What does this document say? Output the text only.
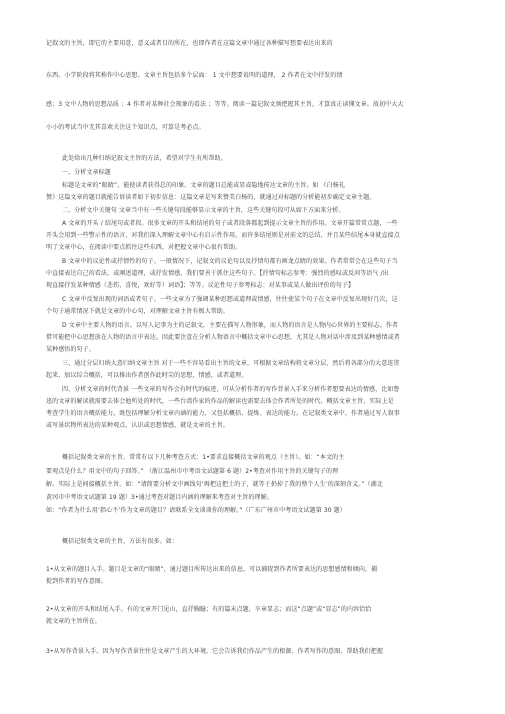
记叙文的主旨，即它的主要用意，意义或者目的所在，也即作者在这篇文章中通过各种描写想要表达出来的
东西。小学阶段将其称作中心思想。文章主旨包括多个层面： 1 文中想要说明的道理， 2 作者在文中抒发的情
感；3 文中人物的思想品质 ；4 作者对某种社会现象的看法 ；等等。阅读一篇记叙文须把握其主旨，才算真正读懂文章。故初中大大
小小的考试当中无其喜欢关注这个知识点，可算是考必点。
此处给出几种归纳记叙文主旨的方法，希望对学生有所帮助。
一、分析文章标题
标题是文章的“眼睛”，能使读者获得总的印象。文章的题目总能或显或隐地传达文章的主旨。如 《白杨礼
赞》这篇文章的题目就能告诉读者如下初步信息：这篇文章是写来赞美白杨的，就通过对标题的分析能初步确定文章主题。
二、分析文中关键句 文章当中有一些关键句段能够显示文章的主旨，这些关键句段可从如下方面来分析。
A 文章的开头 / 结尾句或者段。很多文章的开头和结尾的句子或者段落都起到提示文章主旨的作用。文章开篇常常点题，一些
开头会用到一些警示性的语言，对我们深入理解文章中心有启示性作用。而许多结尾则是对前文的总结，并且某些结尾本身就直接点
明了文章中心，在阅读中要点抓住这些东西，对把握文章中心很有帮助。
B 文章中的议论性或抒情性的句子。一般情况下，记叙文的议论句以及抒情句都有画龙点睛的效果。作者常常会在这些句子当
中直接表达自己的看法，或阐述道理，或抒发情感，我们要善于抓住这些句子。【抒情句标志参考：强烈的感叹或反问等语气 /出
现直接抒发某种情感（悲伤，喜悦，欢好等）词语】；等等。议论性句子参考标志：对某事或某人做出评价的句子】
C 文章中反复出现的词语或者句子。一些文章为了强调某种思想或道理或情感，往往使某个句子在文章中反复出现好几次，这
个句子通常情况下就是文章的中心句，对理解文章主旨有极大帮助。
D 文章中主要人物的语言。以写人记事为主的记叙文，主要在描写人物形象，而人物的语言是人物内心世界的主要标志，作者
借可能把中心思想放在人物的语言中表达。因此要注意在分析人物语言中概括文章中心思想，尤其是人物对话中涉及到某种感情或者
某种感悟的句子。
三、通过分层归纳大意归纳文章主旨 对于一些不容易看出主旨的文章，可根据文章结构将文章分层，然后将各部分的大意连贯
起来，加以综合概括，可以推出作者创作此时尖的思想，情感，或者道理。
四、分析文章的时代背景 一些文章的写作会有时代的痕迹，可从分析作者的写作背景入手来分析作者想要表达的情感，比如鲁
迅的文章的解读就需要去体会他所处的时代，一些台湾作家的作品的解读也需要去体会作者所处的时代。概括文章主旨，实际上是
考查学生的语言概括能力。既包括理解分析文章内涵的能力，又包括概括、提炼、表达的能力。在记叙类文章中，作者通过写人叙事
或写景状物所表达的某种观点、认识或思想情感，就是文章的主旨。
概括记叙类文章的主旨，常常有以下几种考查方式：1•要求直接概括文章的观点（主旨）。如：“本文的主
要观点是什么？用文中的句子回答。” （浙江温州市中考语文试题第 6 题）2•考查对作用主旨的关键句子的理
解。实际上是间接概括主旨。如：“请简要分析文中画线句‘再把这把土的子，就等于扔掉了我的整个人生’的深刻含义。”（湖北
黄冈市中考语文试题第 19 题）3•通过考查对题目内涵的理解来考查对主旨的理解。
如：“作者为什么用‘指心不’作为文章的题目？请联系全文谈谈你的理解。”（广东广州市中考语文试题第 30 题）
概括记叙类文章的主旨，方法有很多。如：
1•从文章的题目入手。题目是文章的“眼睛”，通过题目所传达出来的信息，可以捕捉到作者所要表达的思想感情和倾向，捕
捉到作者的写作意图。
2•从文章的开头和结尾入手。有的文章开门见山，直抒胸臆；有的篇末点题，卒章显志；而这“点题”或“显志”的内容恰恰
就文章的主旨所在。
3•从写作背景入手。因为写作背景往往是文章产生的大环境，它会告诉我们作品产生的根源、作者写作的意图，帮助我们把握
